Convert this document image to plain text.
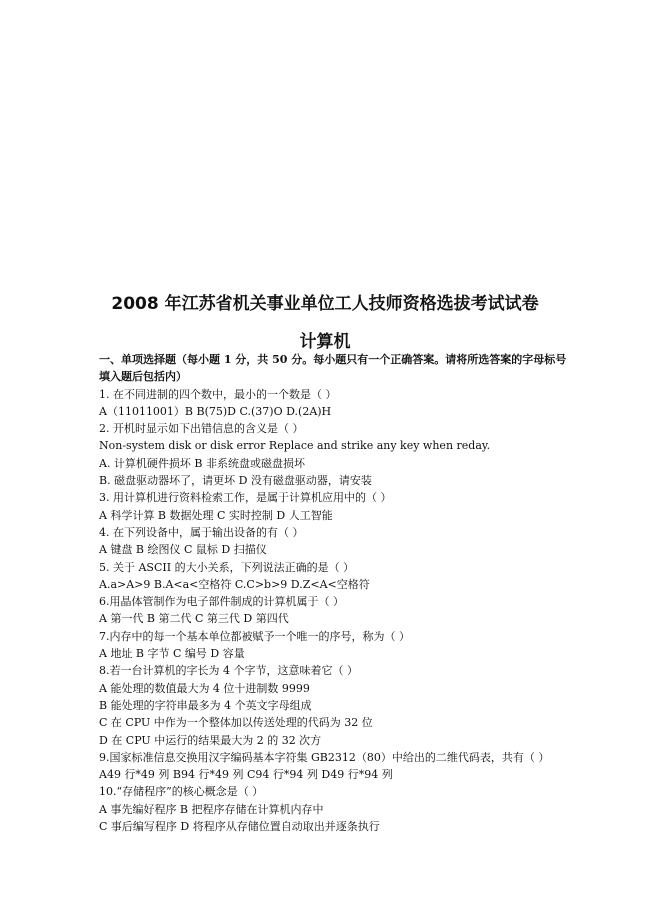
2008 年江苏省机关事业单位工人技师资格选拔考试试卷
计算机
一、单项选择题（每小题 1 分，共 50 分。每小题只有一个正确答案。请将所选答案的字母标号填入题后包括内）
1. 在不同进制的四个数中，最小的一个数是（ ）
A（11011001）B B(75)D C.(37)O D.(2A)H
2. 开机时显示如下出错信息的含义是（ ）
Non-system disk or disk error Replace and strike any key when reday.
A. 计算机硬件损坏 B 非系统盘或磁盘损坏
B. 磁盘驱动器坏了，请更坏 D 没有磁盘驱动器，请安装
3. 用计算机进行资料检索工作，是属于计算机应用中的（ ）
A 科学计算 B 数据处理 C 实时控制 D 人工智能
4. 在下列设备中，属于输出设备的有（ ）
A 键盘 B 绘图仪 C 鼠标 D 扫描仪
5. 关于 ASCII 的大小关系，下列说法正确的是（ ）
A.a>A>9 B.A<a<空格符 C.C>b>9 D.Z<A<空格符
6.用晶体管制作为电子部件制成的计算机属于（ ）
A 第一代 B 第二代 C 第三代 D 第四代
7.内存中的每一个基本单位都被赋予一个唯一的序号，称为（ ）
A 地址 B 字节 C 编号 D 容量
8.若一台计算机的字长为 4 个字节，这意味着它（ ）
A 能处理的数值最大为 4 位十进制数 9999
B 能处理的字符串最多为 4 个英文字母组成
C 在 CPU 中作为一个整体加以传送处理的代码为 32 位
D 在 CPU 中运行的结果最大为 2 的 32 次方
9.国家标准信息交换用汉字编码基本字符集 GB2312（80）中给出的二维代码表，共有（ ）
A49 行*49 列 B94 行*49 列 C94 行*94 列 D49 行*94 列
10.“存储程序”的核心概念是（ ）
A 事先编好程序 B 把程序存储在计算机内存中
C 事后编写程序 D 将程序从存储位置自动取出并逐条执行
